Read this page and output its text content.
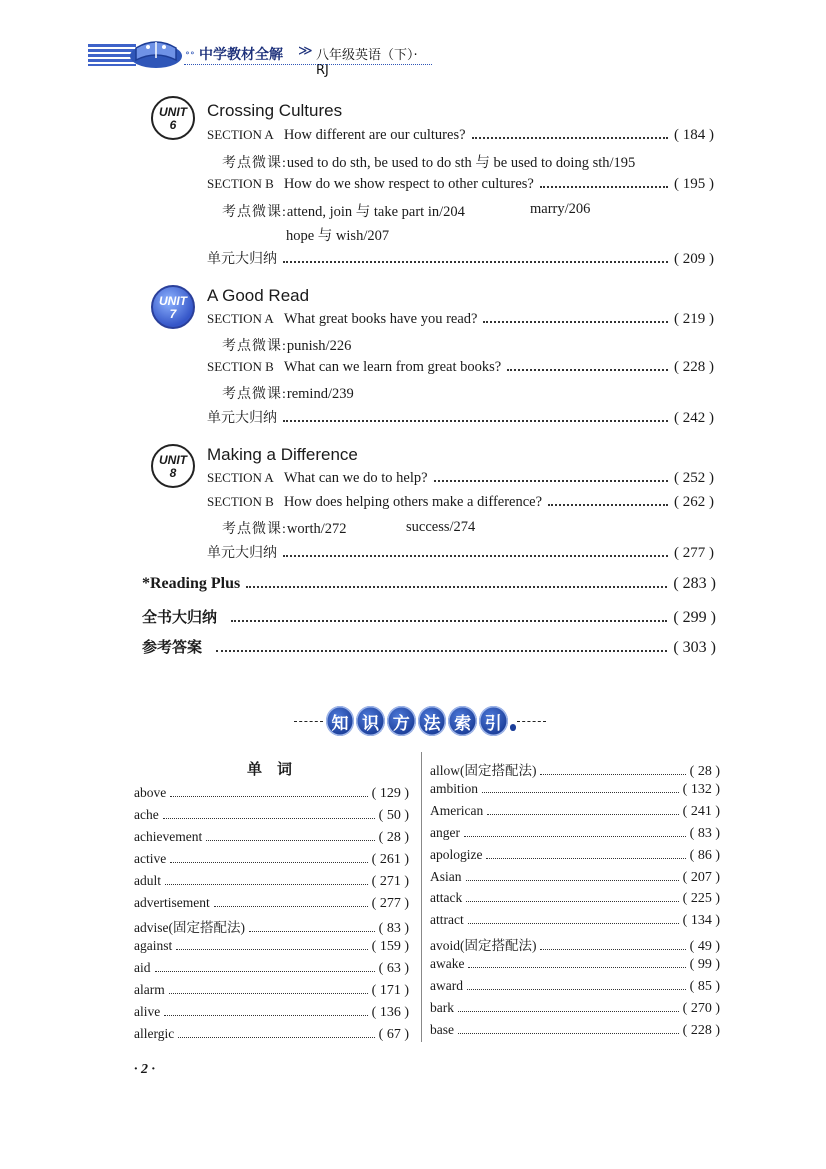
∘∘ 中学教材全解 ≫ 八年级英语（下）· RJ
UNIT
6
Crossing Cultures
SECTION A How different are our cultures?	( 184 )
考点微课: used to do sth, be used to do sth 与 be used to doing sth/195
SECTION B How do we show respect to other cultures?	( 195 )
考点微课: attend, join 与 take part in/204	marry/206
hope 与 wish/207
单元大归纳	( 209 )
UNIT
7
A Good Read
SECTION A What great books have you read?	( 219 )
考点微课: punish/226
SECTION B What can we learn from great books?	( 228 )
考点微课: remind/239
单元大归纳	( 242 )
UNIT
8
Making a Difference
SECTION A What can we do to help?	( 252 )
SECTION B How does helping others make a difference?	( 262 )
考点微课: worth/272	success/274
单元大归纳	( 277 )
*Reading Plus	( 283 )
全书大归纳	( 299 )
参考答案	( 303 )
知 识 方 法 索 引
单　词
above	( 129 )
ache	( 50 )
achievement	( 28 )
active	( 261 )
adult	( 271 )
advertisement	( 277 )
advise(固定搭配法)	( 83 )
against	( 159 )
aid	( 63 )
alarm	( 171 )
alive	( 136 )
allergic	( 67 )
allow(固定搭配法)	( 28 )
ambition	( 132 )
American	( 241 )
anger	( 83 )
apologize	( 86 )
Asian	( 207 )
attack	( 225 )
attract	( 134 )
avoid(固定搭配法)	( 49 )
awake	( 99 )
award	( 85 )
bark	( 270 )
base	( 228 )
· 2 ·
